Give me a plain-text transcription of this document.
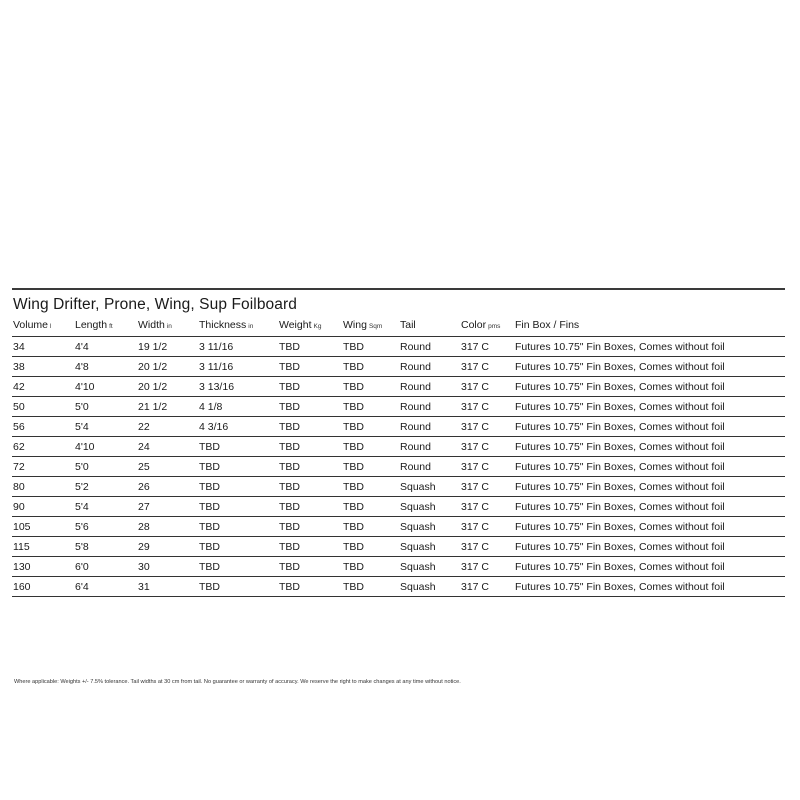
Wing Drifter, Prone, Wing, Sup Foilboard
Volume l	Length ft	Width in	Thickness in	Weight Kg	Wing Sqm	Tail	Color pms	Fin Box / Fins
34	4'4	19 1/2	3 11/16	TBD	TBD	Round	317 C	Futures 10.75" Fin Boxes, Comes without foil
38	4'8	20 1/2	3 11/16	TBD	TBD	Round	317 C	Futures 10.75" Fin Boxes, Comes without foil
42	4'10	20 1/2	3 13/16	TBD	TBD	Round	317 C	Futures 10.75" Fin Boxes, Comes without foil
50	5'0	21 1/2	4 1/8	TBD	TBD	Round	317 C	Futures 10.75" Fin Boxes, Comes without foil
56	5'4	22	4 3/16	TBD	TBD	Round	317 C	Futures 10.75" Fin Boxes, Comes without foil
62	4'10	24	TBD	TBD	TBD	Round	317 C	Futures 10.75" Fin Boxes, Comes without foil
72	5'0	25	TBD	TBD	TBD	Round	317 C	Futures 10.75" Fin Boxes, Comes without foil
80	5'2	26	TBD	TBD	TBD	Squash	317 C	Futures 10.75" Fin Boxes, Comes without foil
90	5'4	27	TBD	TBD	TBD	Squash	317 C	Futures 10.75" Fin Boxes, Comes without foil
105	5'6	28	TBD	TBD	TBD	Squash	317 C	Futures 10.75" Fin Boxes, Comes without foil
115	5'8	29	TBD	TBD	TBD	Squash	317 C	Futures 10.75" Fin Boxes, Comes without foil
130	6'0	30	TBD	TBD	TBD	Squash	317 C	Futures 10.75" Fin Boxes, Comes without foil
160	6'4	31	TBD	TBD	TBD	Squash	317 C	Futures 10.75" Fin Boxes, Comes without foil
Where applicable: Weights +/- 7.5% tolerance. Tail widths at 30 cm from tail. No guarantee or warranty of accuracy. We reserve the right to make changes at any time without notice.
